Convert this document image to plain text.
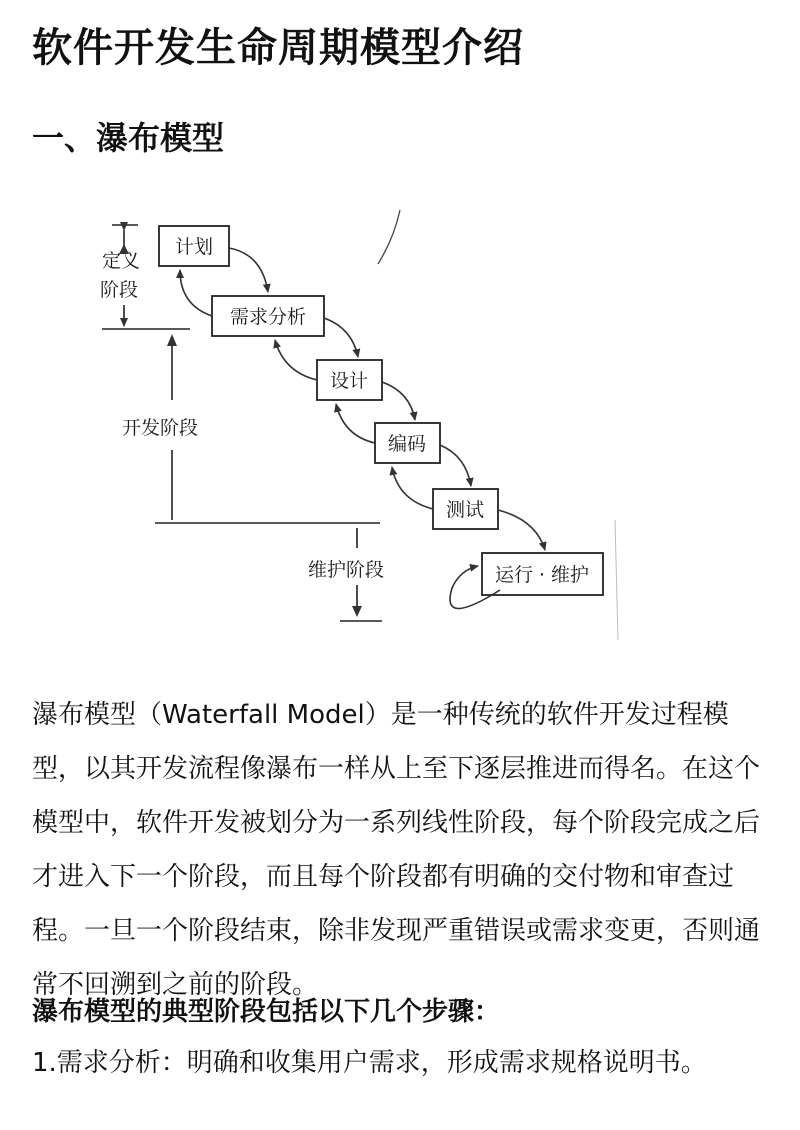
软件开发生命周期模型介绍
一、瀑布模型
定义
阶段
开发阶段
维护阶段
计划
需求分析
设计
编码
测试
运行 · 维护

瀑布模型（Waterfall Model）是一种传统的软件开发过程模型，以其开发流程像瀑布一样从上至下逐层推进而得名。在这个模型中，软件开发被划分为一系列线性阶段，每个阶段完成之后才进入下一个阶段，而且每个阶段都有明确的交付物和审查过程。一旦一个阶段结束，除非发现严重错误或需求变更，否则通常不回溯到之前的阶段。

瀑布模型的典型阶段包括以下几个步骤：

1.需求分析：明确和收集用户需求，形成需求规格说明书。
